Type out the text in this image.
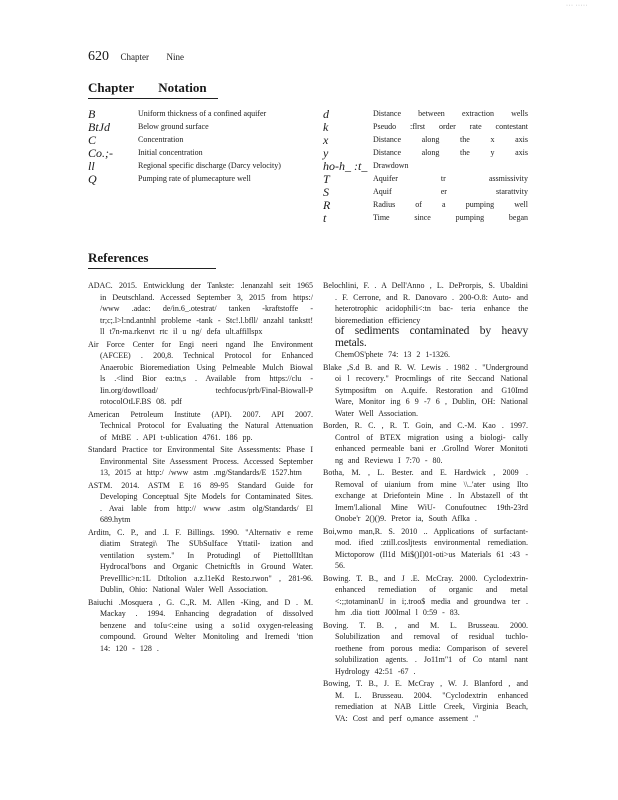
··· ·····
620 Chapter Nine
Chapter Notation
B	Uniform thickness of a confined aquifer
BtJd	Below ground surface
C	Concentration
Co.;-	Initial concentration
ll	Regional specific discharge (Darcy velocity)
Q	Pumping rate of plumecapture well
d	Distance between extraction wells
k	Pseudo :flrst order rate contestant
x	Distance along the x axis
y	Distance along the y axis
ho-h_ :t_ Drawdown
T	Aquifer tr assmissivity
S	Aquif er starattvity
R	Radius of a pumping well
t	Time since pumping began
References
ADAC. 2015. Entwicklung der Tankste: .lenanzahl seit 1965 in Deutschland. Accessed September 3, 2015 from https:/ /www .adac: de/in.6_.otestrat/ tanken -kraftstoffe -tr;c;.l>l:nd.antnhl probleme -tank - Stc!.l.bfll/ anzahl tankstt! ll t7n-ma.rkenvt rtc il u ng/ defa ult.affillspx
Air Force Center for Engi neeri ngand Ihe Environment (AFCEE) . 200,8. Technical Protocol for Enhanced Anaerobic Bioremediation Using Pelmeable Mulch Biowal ls .<lind Bior ea:tn,s . Available from https://clu -Iin.org/dowtlload/ techfocus/prb/Final-Biowall-P rotocolOtLF.BS 08. pdf
American Petroleum Institute (API). 2007. API 2007. Technical Protocol for Evaluating the Natural Attenuation of MtBE . API t-ublication 4761. 186 pp.
Standard Practice tor Environmental Site Assessments: Phase I Environmental Site Assessment Process. Accessed September 13, 2015 at http:/ /www astm .mg/Standards/E 1527.htm
ASTM. 2014. ASTM E 16 89-95 Standard Guide for Developing Conceptual Sjte Models for Contaminated Sites. . Avai lable from http:// www .astm olg/Standards/ El 689.hytm
Arditn, C. P., and .I. F. Billings. 1990. "Alternativ e reme diatim Strategi\ The SUbSuIface Yttatil- ization and ventilation system." In Protudingl of PiettollItltan Hydrocal'bons and Organic Chetnicftls in Ground Water. PreveIllic>n:1L Dtltolion a.z.l1eKd Resto.rwon" , 281-96. Dublin, Ohio: National Waler Well Association.
Baiuchi .Mosquera , G. C.,R. M. Allen -King, and D . M. Mackay . 1994. Enhancing degradation of dissolved benzene and toIu<:eine using a so1id oxygen-releasing compound. Ground Welter Monitoling and Iremedi 'ttion 14: 120 - 128 .
Belochlini, F. . A Dell'Anno , L. DeProrpis, S. Ubaldini . F. Cerrone, and R. Danovaro . 200-O.8: Auto- and heterotrophic acidophili<:tn bac- teria enhance the bioremediation efficiency
of sediments contaminated by heavy metals.
ChemOS'phete 74: 13 2 1-1326.
Blake ,S.d B. and R. W. Lewis . 1982 . "Underground oi l recovery." Procmlings of rite Seccand National Sytmposiftm on A.quife. Restoration and G10Imd Ware, Monitor ing 6 9 -7 6 , Dublin, OH: National Water Well Association.
Borden, R. C. , R. T. Goin, and C.-M. Kao . 1997. Control of BTEX migration using a biologi- cally enhanced permeable bani er .Grollnd Worer Monitoti ng and Reviewu I 7:70 - 80.
Botha, M. , L. Bester. and E. Hardwick , 2009 . Removal of uianium from mine \\..'ater using Ilto exchange at Driefontein Mine . In Abstazell of tht Imem'l.alional Mine WiU- Conufoutnec 19th-23rd Onobe'r 2()()9. Pretor ia, South Aflka .
Boi,wmo man,R. S. 2010 .. Applications of surfactant-mod. ified :ztill.cosljtests environmental remediation. Mictoporow (Il1d Mi$()I)01-oti>us Materials 61 :43 - 56.
Bowing. T. B., and J .E. McCray. 2000. Cyclodextrin- enhanced remediation of organic and metal <:;;totaminanU in i;.troo$ media and groundwa ter . hm .dia tiott J00Imal l 0:59 - 83.
Boving. T. B. , and M. L. Brusseau. 2000. Solubilization and removal of residual tuchlo- roethene from porous media: Comparison of severel solubilization agents. . Jo11m"1 of Co ntaml nant Hydrology 42:51 -67 .
Bowing, T. B., J. E. McCray , W. J. Blanford , and M. L. Brusseau. 2004. "Cyclodextrin enhanced remediation at NAB Little Creek, Virginia Beach, VA: Cost and perf o,mance assement ."
